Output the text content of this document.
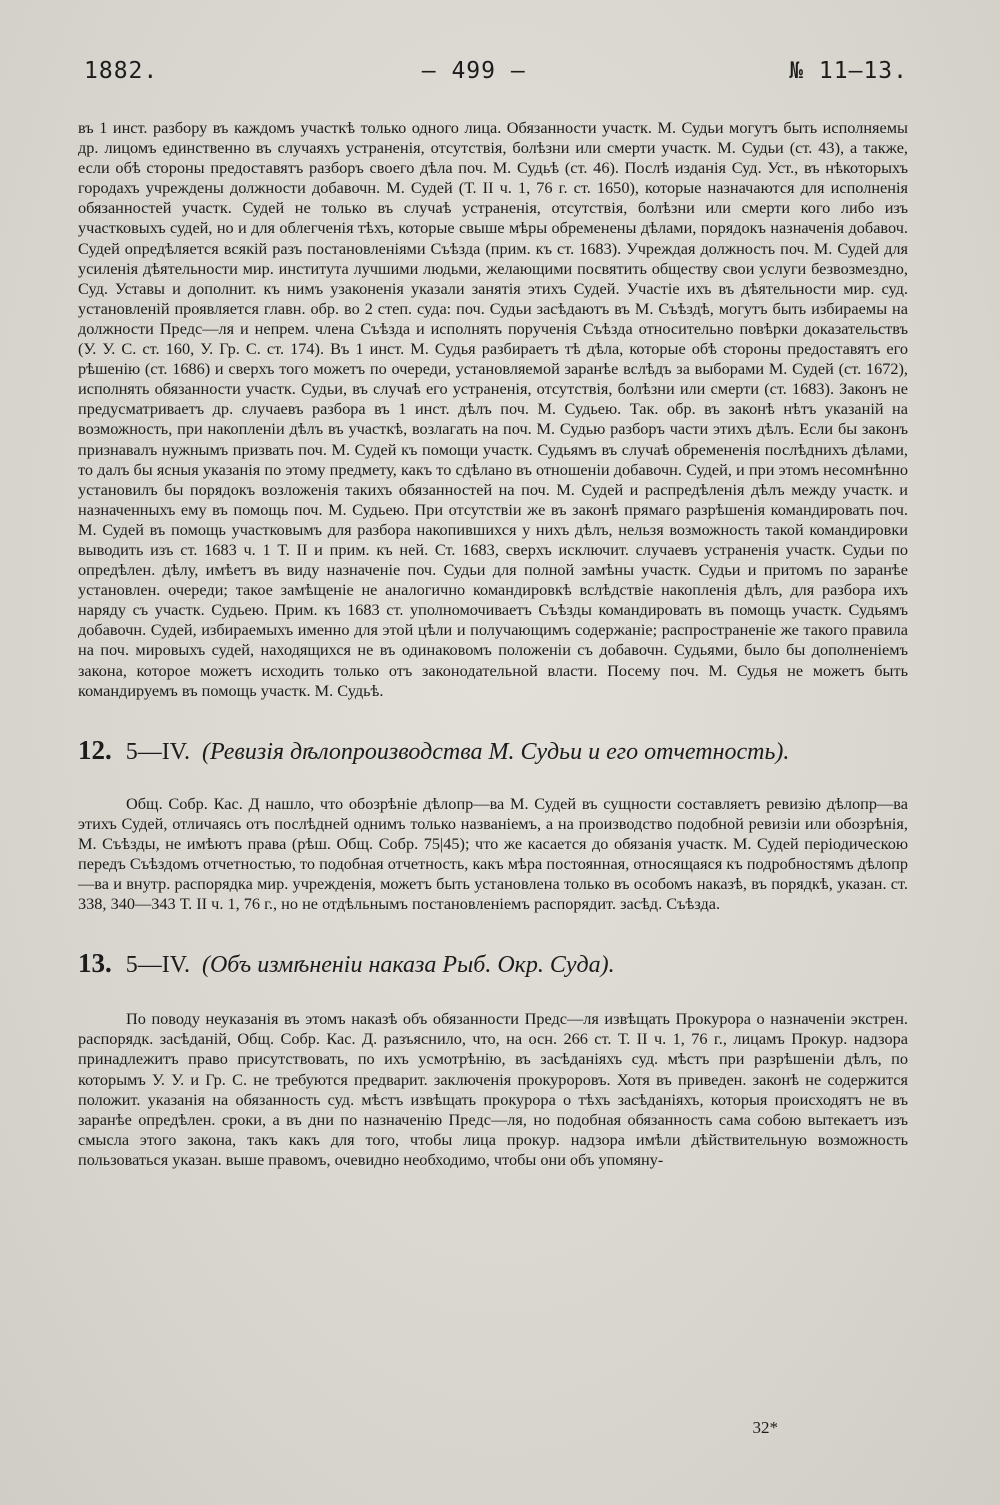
1882.	— 499 —	№ 11—13.

въ 1 инст. разбору въ каждомъ участкѣ только одного лица. Обязанности участк. М. Судьи могутъ быть исполняемы др. лицомъ единственно въ случаяхъ устраненія, отсутствія, болѣзни или смерти участк. М. Судьи (ст. 43), а также, если обѣ стороны предоставятъ разборъ своего дѣла поч. М. Судьѣ (ст. 46). Послѣ изданія Суд. Уст., въ нѣкоторыхъ городахъ учреждены должности добавочн. М. Судей (Т. II ч. 1, 76 г. ст. 1650), которые назначаются для исполненія обязанностей участк. Судей не только въ случаѣ устраненія, отсутствія, болѣзни или смерти кого либо изъ участковыхъ судей, но и для облегченія тѣхъ, которые свыше мѣры обременены дѣлами, порядокъ назначенія добавоч. Судей опредѣляется всякій разъ постановленіями Съѣзда (прим. къ ст. 1683). Учреждая должность поч. М. Судей для усиленія дѣятельности мир. института лучшими людьми, желающими посвятить обществу свои услуги безвозмездно, Суд. Уставы и дополнит. къ нимъ узаконенія указали занятія этихъ Судей. Участіе ихъ въ дѣятельности мир. суд. установленій проявляется главн. обр. во 2 степ. суда: поч. Судьи засѣдаютъ въ М. Съѣздѣ, могутъ быть избираемы на должности Предс—ля и непрем. члена Съѣзда и исполнять порученія Съѣзда относительно повѣрки доказательствъ (У. У. С. ст. 160, У. Гр. С. ст. 174). Въ 1 инст. М. Судья разбираетъ тѣ дѣла, которые обѣ стороны предоставятъ его рѣшенію (ст. 1686) и сверхъ того можетъ по очереди, установляемой заранѣе вслѣдъ за выборами М. Судей (ст. 1672), исполнять обязанности участк. Судьи, въ случаѣ его устраненія, отсутствія, болѣзни или смерти (ст. 1683). Законъ не предусматриваетъ др. случаевъ разбора въ 1 инст. дѣлъ поч. М. Судьею. Так. обр. въ законѣ нѣтъ указаній на возможность, при накопленіи дѣлъ въ участкѣ, возлагать на поч. М. Судью разборъ части этихъ дѣлъ. Если бы законъ признавалъ нужнымъ призвать поч. М. Судей къ помощи участк. Судьямъ въ случаѣ обремененія послѣднихъ дѣлами, то далъ бы ясныя указанія по этому предмету, какъ то сдѣлано въ отношеніи добавочн. Судей, и при этомъ несомнѣнно установилъ бы порядокъ возложенія такихъ обязанностей на поч. М. Судей и распредѣленія дѣлъ между участк. и назначенныхъ ему въ помощь поч. М. Судьею. При отсутствіи же въ законѣ прямаго разрѣшенія командировать поч. М. Судей въ помощь участковымъ для разбора накопившихся у нихъ дѣлъ, нельзя возможность такой командировки выводить изъ ст. 1683 ч. 1 Т. II и прим. къ ней. Ст. 1683, сверхъ исключит. случаевъ устраненія участк. Судьи по опредѣлен. дѣлу, имѣетъ въ виду назначеніе поч. Судьи для полной замѣны участк. Судьи и притомъ по заранѣе установлен. очереди; такое замѣщеніе не аналогично командировкѣ вслѣдствіе накопленія дѣлъ, для разбора ихъ наряду съ участк. Судьею. Прим. къ 1683 ст. уполномочиваетъ Съѣзды командировать въ помощь участк. Судьямъ добавочн. Судей, избираемыхъ именно для этой цѣли и получающимъ содержаніе; распространеніе же такого правила на поч. мировыхъ судей, находящихся не въ одинаковомъ положеніи съ добавочн. Судьями, было бы дополненіемъ закона, которое можетъ исходить только отъ законодательной власти. Посему поч. М. Судья не можетъ быть командируемъ въ помощь участк. М. Судьѣ.

12. 5—IV. (Ревизія дѣлопроизводства М. Судьи и его отчетность).

Общ. Собр. Кас. Д нашло, что обозрѣніе дѣлопр—ва М. Судей въ сущности составляетъ ревизію дѣлопр—ва этихъ Судей, отличаясь отъ послѣдней однимъ только названіемъ, а на производство подобной ревизіи или обозрѣнія, М. Съѣзды, не имѣютъ права (рѣш. Общ. Собр. 75|45); что же касается до обязанія участк. М. Судей періодическою передъ Съѣздомъ отчетностью, то подобная отчетность, какъ мѣра постоянная, относящаяся къ подробностямъ дѣлопр—ва и внутр. распорядка мир. учрежденія, можетъ быть установлена только въ особомъ наказѣ, въ порядкѣ, указан. ст. 338, 340—343 Т. II ч. 1, 76 г., но не отдѣльнымъ постановленіемъ распорядит. засѣд. Съѣзда.

13. 5—IV. (Объ измѣненіи наказа Рыб. Окр. Суда).

По поводу неуказанія въ этомъ наказѣ объ обязанности Предс—ля извѣщать Прокурора о назначеніи экстрен. распорядк. засѣданій, Общ. Собр. Кас. Д. разъяснило, что, на осн. 266 ст. Т. II ч. 1, 76 г., лицамъ Прокур. надзора принадлежитъ право присутствовать, по ихъ усмотрѣнію, въ засѣданіяхъ суд. мѣстъ при разрѣшеніи дѣлъ, по которымъ У. У. и Гр. С. не требуются предварит. заключенія прокуроровъ. Хотя въ приведен. законѣ не содержится положит. указанія на обязанность суд. мѣстъ извѣщать прокурора о тѣхъ засѣданіяхъ, которыя происходятъ не въ заранѣе опредѣлен. сроки, а въ дни по назначенію Предс—ля, но подобная обязанность сама собою вытекаетъ изъ смысла этого закона, такъ какъ для того, чтобы лица прокур. надзора имѣли дѣйствительную возможность пользоваться указан. выше правомъ, очевидно необходимо, чтобы они объ упомяну-

32*
